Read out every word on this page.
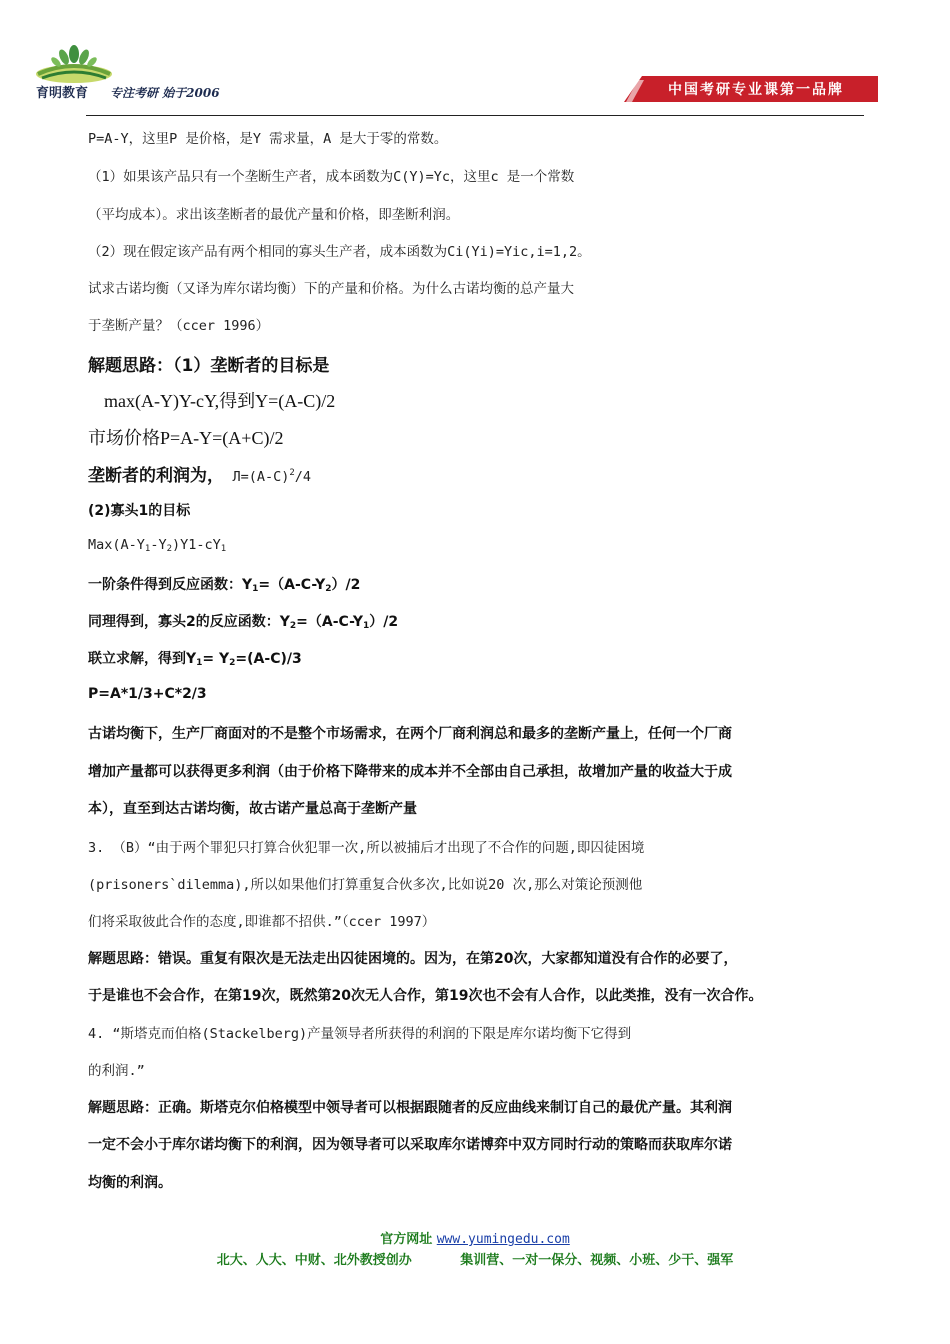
育明教育 专注考研 始于2006	中国考研专业课第一品牌
P=A-Y，这里P 是价格，是Y 需求量，A 是大于零的常数。
（1）如果该产品只有一个垄断生产者，成本函数为C(Y)=Yc，这里c 是一个常数
（平均成本）。求出该垄断者的最优产量和价格，即垄断利润。
（2）现在假定该产品有两个相同的寡头生产者，成本函数为Ci(Yi)=Yic,i=1,2。
试求古诺均衡（又译为库尔诺均衡）下的产量和价格。为什么古诺均衡的总产量大
于垄断产量？（ccer 1996）
解题思路：（1）垄断者的目标是
max(A-Y)Y-cY,得到Y=(A-C)/2
市场价格P=A-Y=(A+C)/2
垄断者的利润为， $Л=(A-C)^2/4$
(2)寡头1的目标
$Max(A-Y_1-Y_2)Y1-cY_1$
一阶条件得到反应函数：$Y_1=(A-C-Y_2)/2$
同理得到，寡头2的反应函数：$Y_2=(A-C-Y_1)/2$
联立求解，得到$Y_1= Y_2=(A-C)/3$
P=A*1/3+C*2/3
古诺均衡下，生产厂商面对的不是整个市场需求，在两个厂商利润总和最多的垄断产量上，任何一个厂商
增加产量都可以获得更多利润（由于价格下降带来的成本并不全部由自己承担，故增加产量的收益大于成
本），直至到达古诺均衡，故古诺产量总高于垄断产量
3. （B）“由于两个罪犯只打算合伙犯罪一次,所以被捕后才出现了不合作的问题,即囚徒困境
(prisoners`dilemma),所以如果他们打算重复合伙多次,比如说20 次,那么对策论预测他
们将采取彼此合作的态度,即谁都不招供.”（ccer 1997）
解题思路：错误。重复有限次是无法走出囚徒困境的。因为，在第20次，大家都知道没有合作的必要了，
于是谁也不会合作，在第19次，既然第20次无人合作，第19次也不会有人合作，以此类推，没有一次合作。
4. “斯塔克而伯格(Stackelberg)产量领导者所获得的利润的下限是库尔诺均衡下它得到
的利润.”
解题思路：正确。斯塔克尔伯格模型中领导者可以根据跟随者的反应曲线来制订自己的最优产量。其利润
一定不会小于库尔诺均衡下的利润，因为领导者可以采取库尔诺博弈中双方同时行动的策略而获取库尔诺
均衡的利润。
官方网址 www.yumingedu.com
北大、人大、中财、北外教授创办	集训营、一对一保分、视频、小班、少干、强军
